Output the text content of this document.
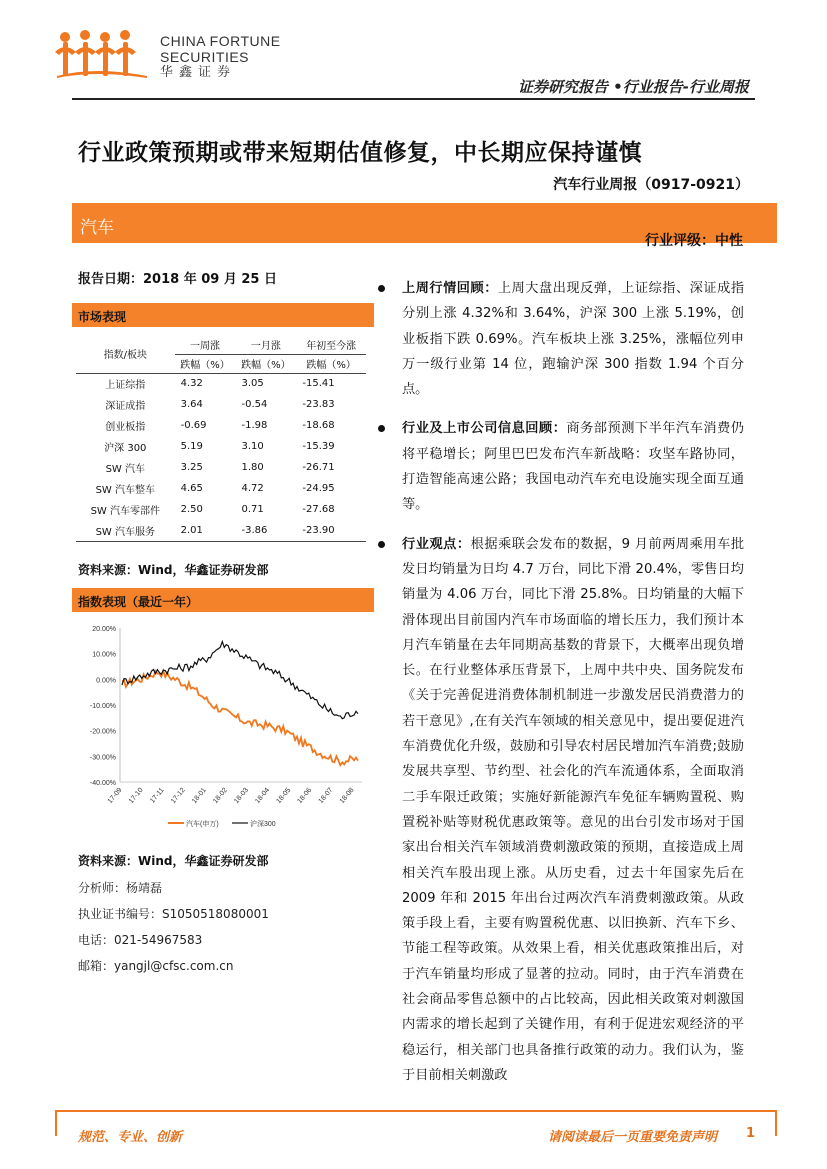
CHINA FORTUNE
SECURITIES
华鑫证券
证券研究报告 •行业报告-行业周报
行业政策预期或带来短期估值修复，中长期应保持谨慎
汽车行业周报（0917-0921）
汽车
行业评级：中性
报告日期：2018 年 09 月 25 日
市场表现
指数/板块	一周涨	一月涨	年初至今涨
	跌幅（%）	跌幅（%）	跌幅（%）
上证综指	4.32	3.05	-15.41
深证成指	3.64	-0.54	-23.83
创业板指	-0.69	-1.98	-18.68
沪深 300	5.19	3.10	-15.39
SW 汽车	3.25	1.80	-26.71
SW 汽车整车	4.65	4.72	-24.95
SW 汽车零部件	2.50	0.71	-27.68
SW 汽车服务	2.01	-3.86	-23.90
资料来源：Wind，华鑫证券研发部
指数表现（最近一年）
20.00%
10.00%
0.00%
-10.00%
-20.00%
-30.00%
-40.00%
17-09 17-10 17-11 17-12 18-01 18-02 18-03 18-04 18-05 18-06 18-07 18-08
汽车(申万)	沪深300
资料来源：Wind，华鑫证券研发部
分析师：杨靖磊
执业证书编号：S1050518080001
电话：021-54967583
邮箱：yangjl@cfsc.com.cn
上周行情回顾：上周大盘出现反弹，上证综指、深证成指分别上涨 4.32%和 3.64%，沪深 300 上涨 5.19%，创业板指下跌 0.69%。汽车板块上涨 3.25%，涨幅位列申万一级行业第 14 位，跑输沪深 300 指数 1.94 个百分点。
行业及上市公司信息回顾：商务部预测下半年汽车消费仍将平稳增长；阿里巴巴发布汽车新战略：攻坚车路协同，打造智能高速公路；我国电动汽车充电设施实现全面互通等。
行业观点：根据乘联会发布的数据，9 月前两周乘用车批发日均销量为日均 4.7 万台，同比下滑 20.4%，零售日均销量为 4.06 万台，同比下滑 25.8%。日均销量的大幅下滑体现出目前国内汽车市场面临的增长压力，我们预计本月汽车销量在去年同期高基数的背景下，大概率出现负增长。在行业整体承压背景下，上周中共中央、国务院发布《关于完善促进消费体制机制进一步激发居民消费潜力的若干意见》,在有关汽车领域的相关意见中，提出要促进汽车消费优化升级，鼓励和引导农村居民增加汽车消费;鼓励发展共享型、节约型、社会化的汽车流通体系，全面取消二手车限迁政策；实施好新能源汽车免征车辆购置税、购置税补贴等财税优惠政策等。意见的出台引发市场对于国家出台相关汽车领域消费刺激政策的预期，直接造成上周相关汽车股出现上涨。从历史看，过去十年国家先后在 2009 年和 2015 年出台过两次汽车消费刺激政策。从政策手段上看，主要有购置税优惠、以旧换新、汽车下乡、节能工程等政策。从效果上看，相关优惠政策推出后，对于汽车销量均形成了显著的拉动。同时，由于汽车消费在社会商品零售总额中的占比较高，因此相关政策对刺激国内需求的增长起到了关键作用，有利于促进宏观经济的平稳运行，相关部门也具备推行政策的动力。我们认为，鉴于目前相关刺激政
规范、专业、创新	请阅读最后一页重要免责声明 1
